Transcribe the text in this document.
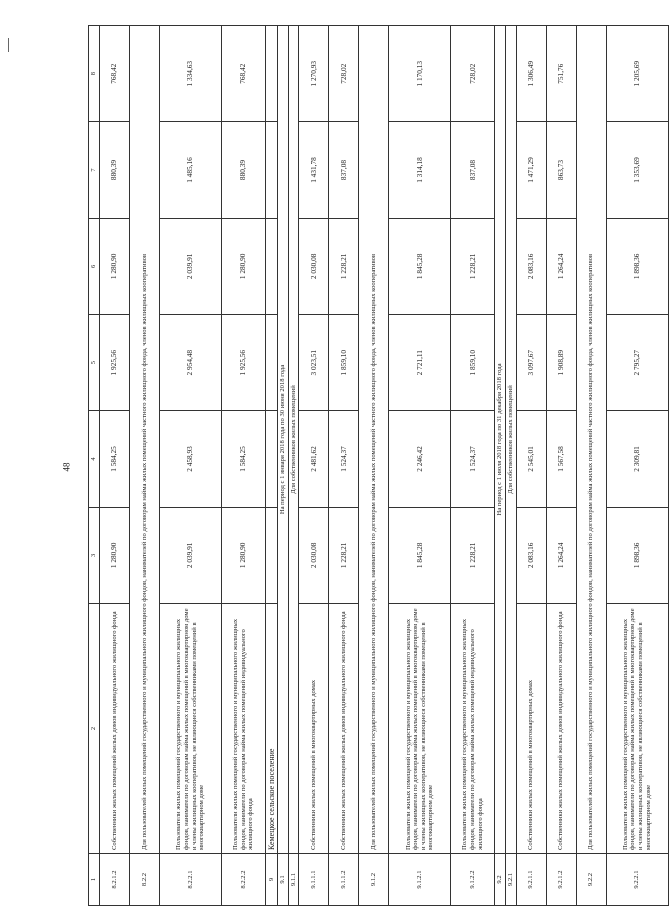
48
1	2	3	4	5	6	7	8
8.2.1.2	Собственники жилых помещений жилых домов индивидуального жилищного фонда	1 280,90	1 584,25	1 925,56	1 280,90	880,39	768,42
8.2.2	Для пользователей жилых помещений государственного и муниципального жилищного фондов, нанимателей по договорам найма жилых помещений частного жилищного фонда, членов жилищных кооперативов						
8.2.2.1	Пользователи жилых помещений государственного и муниципального жилищных фондов, наниматели по договорам найма жилых помещений в многоквартирном доме и члены жилищных кооперативов, не являющиеся собственниками помещений в многоквартирном доме	2 039,91	2 458,93	2 954,48	2 039,91	1 485,16	1 334,63
8.2.2.2	Пользователи жилых помещений государственного и муниципального жилищных фондов, наниматели по договорам найма жилых помещений индивидуального жилищного фонда	1 280,90	1 584,25	1 925,56	1 280,90	880,39	768,42
9	Кемецкое сельское поселение						
9.1	На период с 1 января 2018 года по 30 июня 2018 года						
9.1.1	Для собственников жилых помещений						
9.1.1.1	Собственники жилых помещений в многоквартирных домах	2 030,08	2 481,62	3 023,51	2 030,08	1 431,78	1 270,93
9.1.1.2	Собственники жилых помещений жилых домов индивидуального жилищного фонда	1 228,21	1 524,37	1 859,10	1 228,21	837,08	728,02
9.1.2	Для пользователей жилых помещений государственного и муниципального жилищного фондов, нанимателей по договорам найма жилых помещений частного жилищного фонда, членов жилищных кооперативов						
9.1.2.1	Пользователи жилых помещений государственного и муниципального жилищных фондов, наниматели по договорам найма жилых помещений в многоквартирном доме и члены жилищных кооперативов, не являющиеся собственниками помещений в многоквартирном доме	1 845,28	2 246,42	2 721,11	1 845,28	1 314,18	1 170,13
9.1.2.2	Пользователи жилых помещений государственного и муниципального жилищных фондов, наниматели по договорам найма жилых помещений индивидуального жилищного фонда	1 228,21	1 524,37	1 859,10	1 228,21	837,08	728,02
9.2	На период с 1 июля 2018 года по 31 декабря 2018 года						
9.2.1	Для собственников жилых помещений						
9.2.1.1	Собственники жилых помещений в многоквартирных домах	2 083,16	2 545,01	3 097,67	2 083,16	1 471,29	1 306,49
9.2.1.2	Собственники жилых помещений жилых домов индивидуального жилищного фонда	1 264,24	1 567,58	1 908,89	1 264,24	863,73	751,76
9.2.2	Для пользователей жилых помещений государственного и муниципального жилищного фондов, нанимателей по договорам найма жилых помещений частного жилищного фонда, членов жилищных кооперативов						
9.2.2.1	Пользователи жилых помещений государственного и муниципального жилищных фондов, наниматели по договорам найма жилых помещений в многоквартирном доме и члены жилищных кооперативов, не являющиеся собственниками помещений в многоквартирном доме	1 898,36	2 309,81	2 795,27	1 898,36	1 353,69	1 205,69
